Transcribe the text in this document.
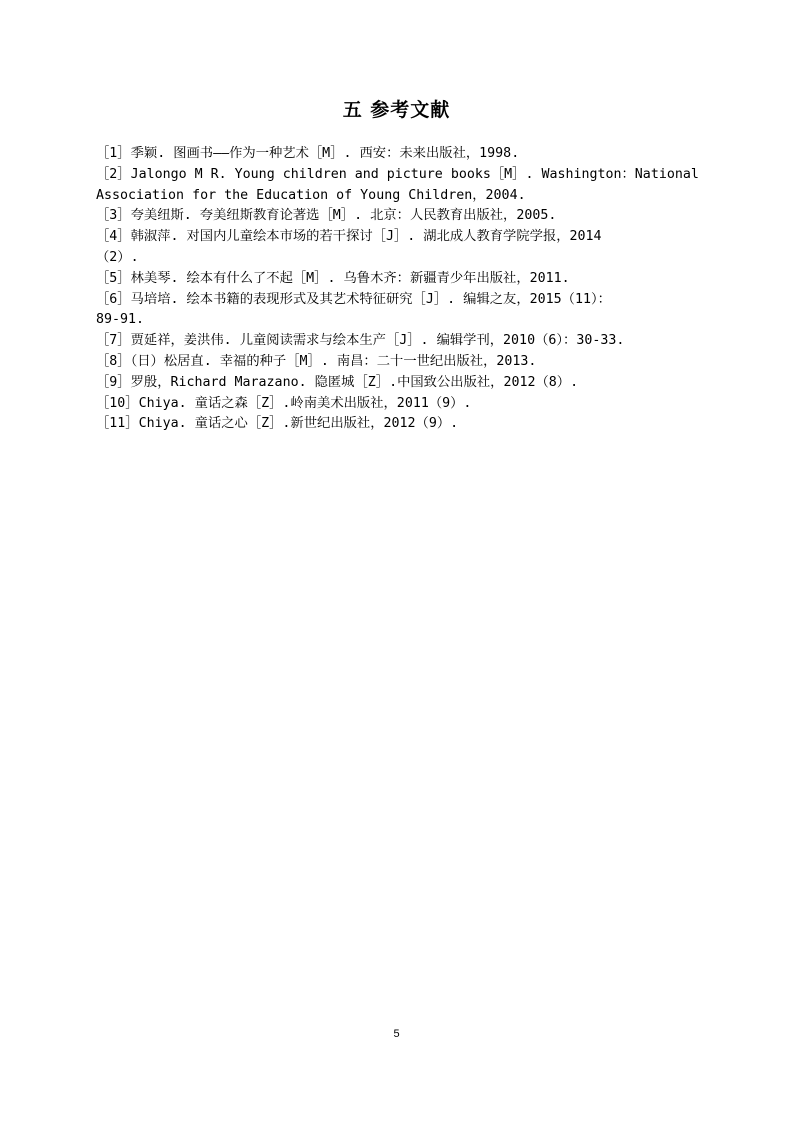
五 参考文献
［1］季颖. 图画书——作为一种艺术［M］. 西安：未来出版社，1998.
［2］Jalongo M R. Young children and picture books［M］. Washington：National
Association for the Education of Young Children，2004.
［3］夸美纽斯. 夸美纽斯教育论著选［M］. 北京：人民教育出版社，2005.
［4］韩淑萍. 对国内儿童绘本市场的若干探讨［J］. 湖北成人教育学院学报，2014
（2）.
［5］林美琴. 绘本有什么了不起［M］. 乌鲁木齐：新疆青少年出版社，2011.
［6］马培培. 绘本书籍的表现形式及其艺术特征研究［J］. 编辑之友，2015（11）：
89-91.
［7］贾延祥，姜洪伟. 儿童阅读需求与绘本生产［J］. 编辑学刊，2010（6）：30-33.
［8］（日）松居直. 幸福的种子［M］. 南昌：二十一世纪出版社，2013.
［9］罗殷，Richard Marazano. 隐匿城［Z］.中国致公出版社，2012（8）.
［10］Chiya. 童话之森［Z］.岭南美术出版社，2011（9）.
［11］Chiya. 童话之心［Z］.新世纪出版社，2012（9）.
5
